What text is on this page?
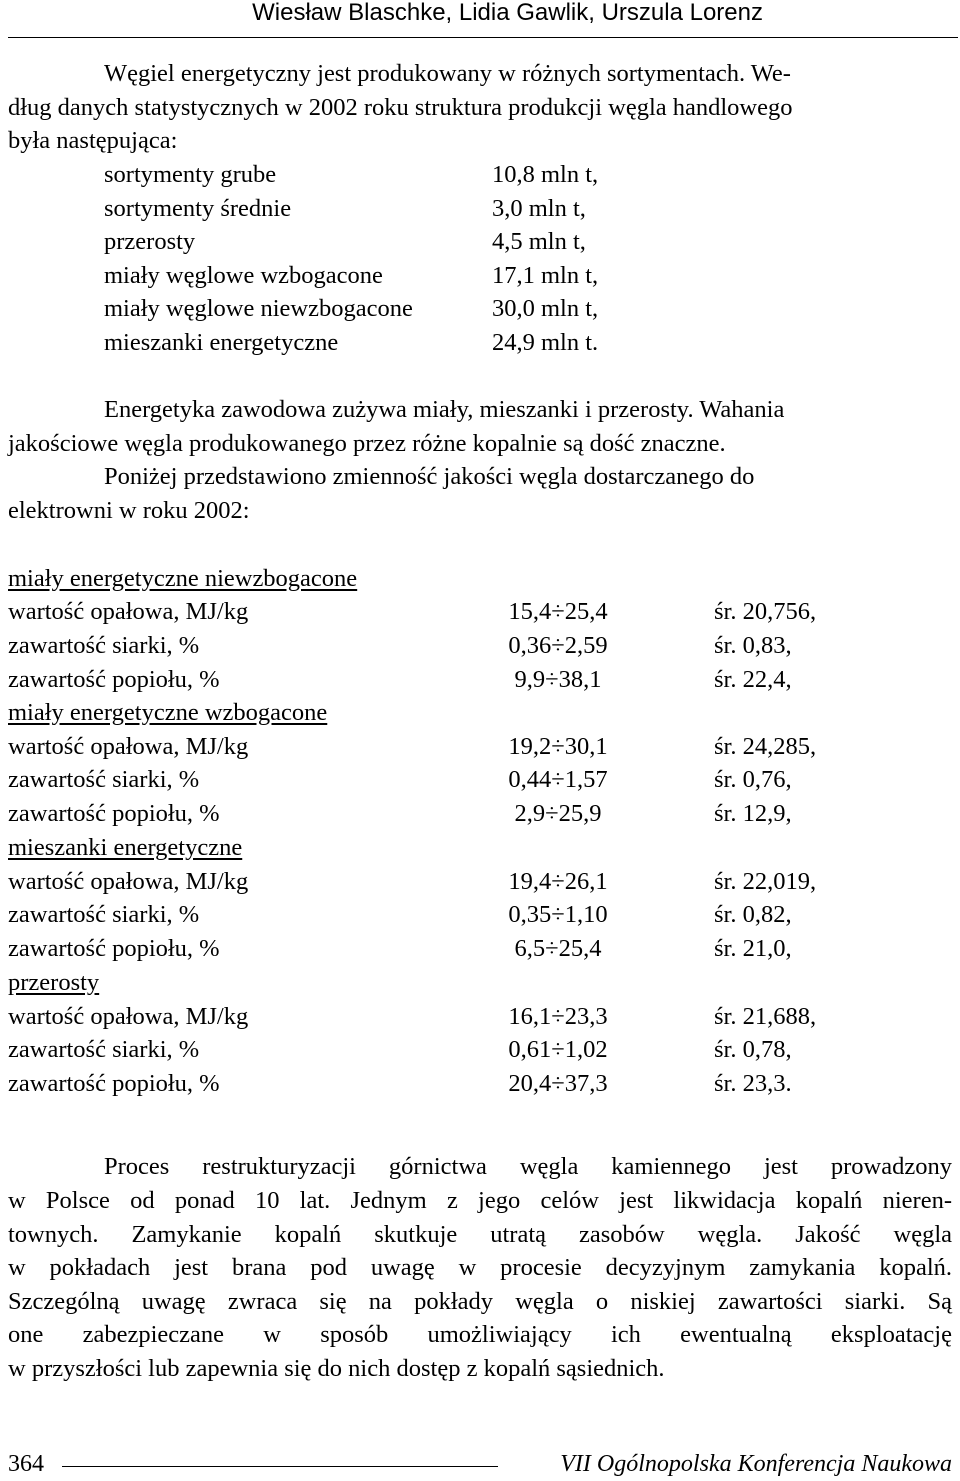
Wiesław Blaschke, Lidia Gawlik, Urszula Lorenz
Węgiel energetyczny jest produkowany w różnych sortymentach. We-
dług danych statystycznych w 2002 roku struktura produkcji węgla handlowego
była następująca:
sortymenty grube	10,8 mln t,
sortymenty średnie	3,0 mln t,
przerosty	4,5 mln t,
miały węglowe wzbogacone	17,1 mln t,
miały węglowe niewzbogacone	30,0 mln t,
mieszanki energetyczne	24,9 mln t.
Energetyka zawodowa zużywa miały, mieszanki i przerosty. Wahania
jakościowe węgla produkowanego przez różne kopalnie są dość znaczne.
Poniżej przedstawiono zmienność jakości węgla dostarczanego do
elektrowni w roku 2002:
miały energetyczne niewzbogacone
wartość opałowa, MJ/kg	15,4÷25,4	śr. 20,756,
zawartość siarki, %	0,36÷2,59	śr. 0,83,
zawartość popiołu, %	9,9÷38,1	śr. 22,4,
miały energetyczne wzbogacone
wartość opałowa, MJ/kg	19,2÷30,1	śr. 24,285,
zawartość siarki, %	0,44÷1,57	śr. 0,76,
zawartość popiołu, %	2,9÷25,9	śr. 12,9,
mieszanki energetyczne
wartość opałowa, MJ/kg	19,4÷26,1	śr. 22,019,
zawartość siarki, %	0,35÷1,10	śr. 0,82,
zawartość popiołu, %	6,5÷25,4	śr. 21,0,
przerosty
wartość opałowa, MJ/kg	16,1÷23,3	śr. 21,688,
zawartość siarki, %	0,61÷1,02	śr. 0,78,
zawartość popiołu, %	20,4÷37,3	śr. 23,3.
Proces restrukturyzacji górnictwa węgla kamiennego jest prowadzony
w Polsce od ponad 10 lat. Jednym z jego celów jest likwidacja kopalń nieren-
townych. Zamykanie kopalń skutkuje utratą zasobów węgla. Jakość węgla
w pokładach jest brana pod uwagę w procesie decyzyjnym zamykania kopalń.
Szczególną uwagę zwraca się na pokłady węgla o niskiej zawartości siarki. Są
one zabezpieczane w sposób umożliwiający ich ewentualną eksploatację
w przyszłości lub zapewnia się do nich dostęp z kopalń sąsiednich.
364	VII Ogólnopolska Konferencja Naukowa
